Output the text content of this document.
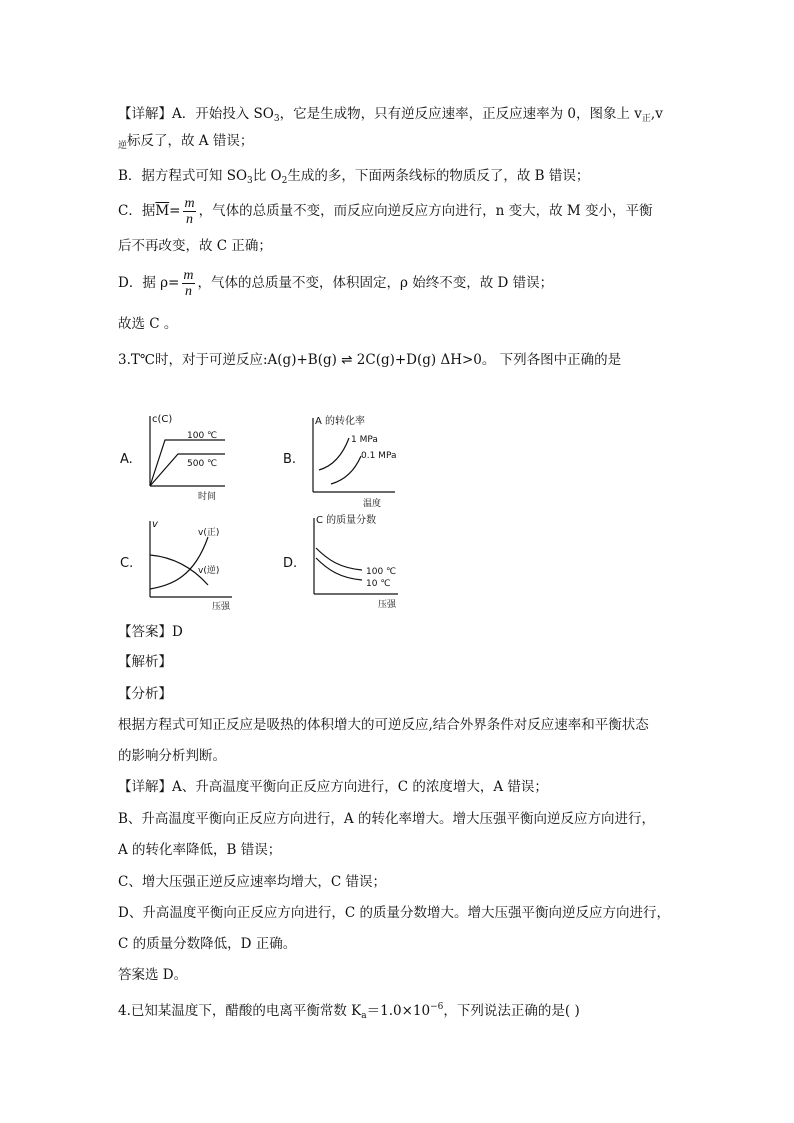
【详解】A．开始投入 $SO_3$，它是生成物，只有逆反应速率，正反应速率为 0，图象上 $v_正,v$
$_逆$标反了，故 A 错误；
B．据方程式可知 $SO_3$比 $O_2$生成的多，下面两条线标的物质反了，故 B 错误；
C．据$\overline{M}= \frac{m}{n}$ ，气体的总质量不变，而反应向逆反应方向进行，n 变大，故 M 变小，平衡
后不再改变，故 C 正确；
D．据 $\rho= \frac{m}{n}$ ，气体的总质量不变，体积固定，ρ 始终不变，故 D 错误；
故选 C 。
3.T℃时，对于可逆反应:A(g)+B(g) ⇌ 2C(g)+D(g) ΔH>0。 下列各图中正确的是
A.	B.
C.	D.
c(C)
100 ℃
500 ℃
时间
A 的转化率
1 MPa
0.1 MPa
温度
v
v(正)
v(逆)
压强
C 的质量分数
100 ℃
10 ℃
压强
【答案】D
【解析】
【分析】
根据方程式可知正反应是吸热的体积增大的可逆反应,结合外界条件对反应速率和平衡状态
的影响分析判断。
【详解】A、升高温度平衡向正反应方向进行，C 的浓度增大，A 错误；
B、升高温度平衡向正反应方向进行，A 的转化率增大。增大压强平衡向逆反应方向进行，
A 的转化率降低，B 错误；
C、增大压强正逆反应速率均增大，C 错误；
D、升高温度平衡向正反应方向进行，C 的质量分数增大。增大压强平衡向逆反应方向进行，
C 的质量分数降低，D 正确。
答案选 D。
4.已知某温度下，醋酸的电离平衡常数 $K_a=1.0\times 10^{-6}$，下列说法正确的是( )
